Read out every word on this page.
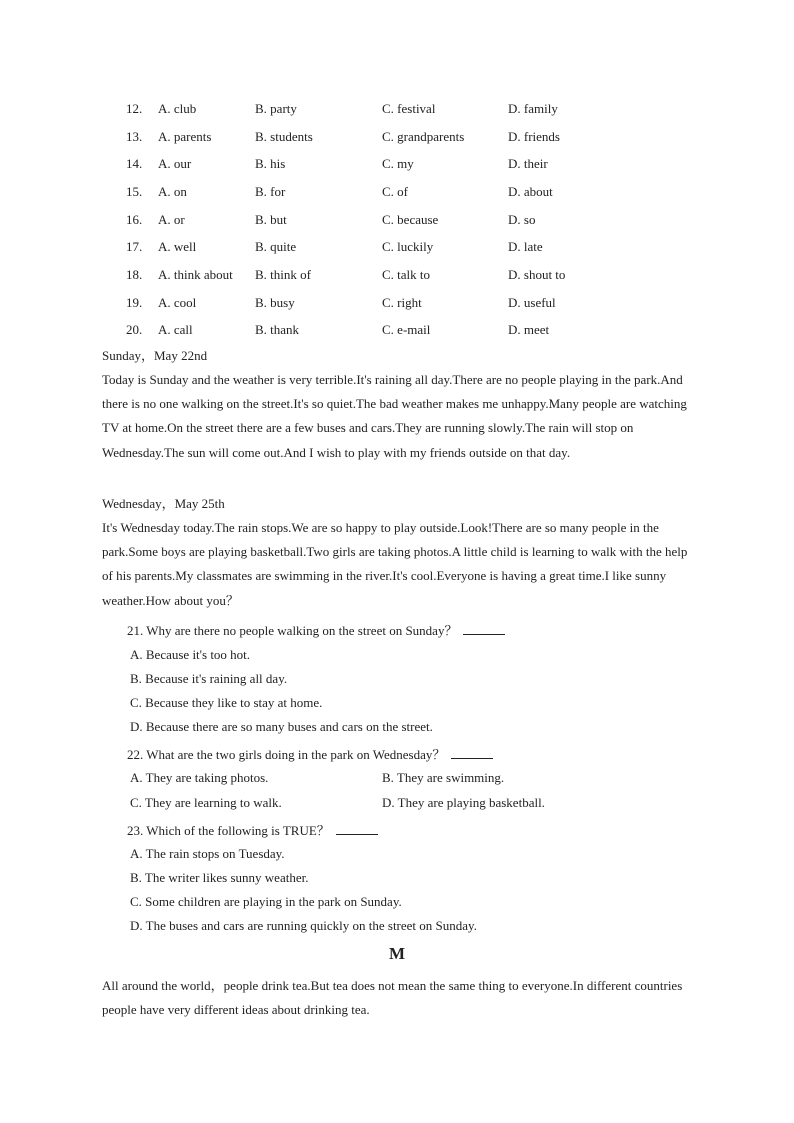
12.	A. club	B. party	C. festival	D. family
13.	A. parents	B. students	C. grandparents	D. friends
14.	A. our	B. his	C. my	D. their
15.	A. on	B. for	C. of	D. about
16.	A. or	B. but	C. because	D. so
17.	A. well	B. quite	C. luckily	D. late
18.	A. think about	B. think of	C. talk to	D. shout to
19.	A. cool	B. busy	C. right	D. useful
20.	A. call	B. thank	C. e-mail	D. meet
Sunday，May 22nd
Today is Sunday and the weather is very terrible.It's raining all day.There are no people playing in the park.And there is no one walking on the street.It's so quiet.The bad weather makes me unhappy.Many people are watching TV at home.On the street there are a few buses and cars.They are running slowly.The rain will stop on Wednesday.The sun will come out.And I wish to play with my friends outside on that day.
Wednesday，May 25th
It's Wednesday today.The rain stops.We are so happy to play outside.Look!There are so many people in the park.Some boys are playing basketball.Two girls are taking photos.A little child is learning to walk with the help of his parents.My classmates are swimming in the river.It's cool.Everyone is having a great time.I like sunny weather.How about you？
21. Why are there no people walking on the street on Sunday？
A. Because it's too hot.
B. Because it's raining all day.
C. Because they like to stay at home.
D. Because there are so many buses and cars on the street.
22. What are the two girls doing in the park on Wednesday？
A. They are taking photos.	B. They are swimming.
C. They are learning to walk.	D. They are playing basketball.
23. Which of the following is TRUE？
A. The rain stops on Tuesday.
B. The writer likes sunny weather.
C. Some children are playing in the park on Sunday.
D. The buses and cars are running quickly on the street on Sunday.
M
All around the world，people drink tea.But tea does not mean the same thing to everyone.In different countries people have very different ideas about drinking tea.
